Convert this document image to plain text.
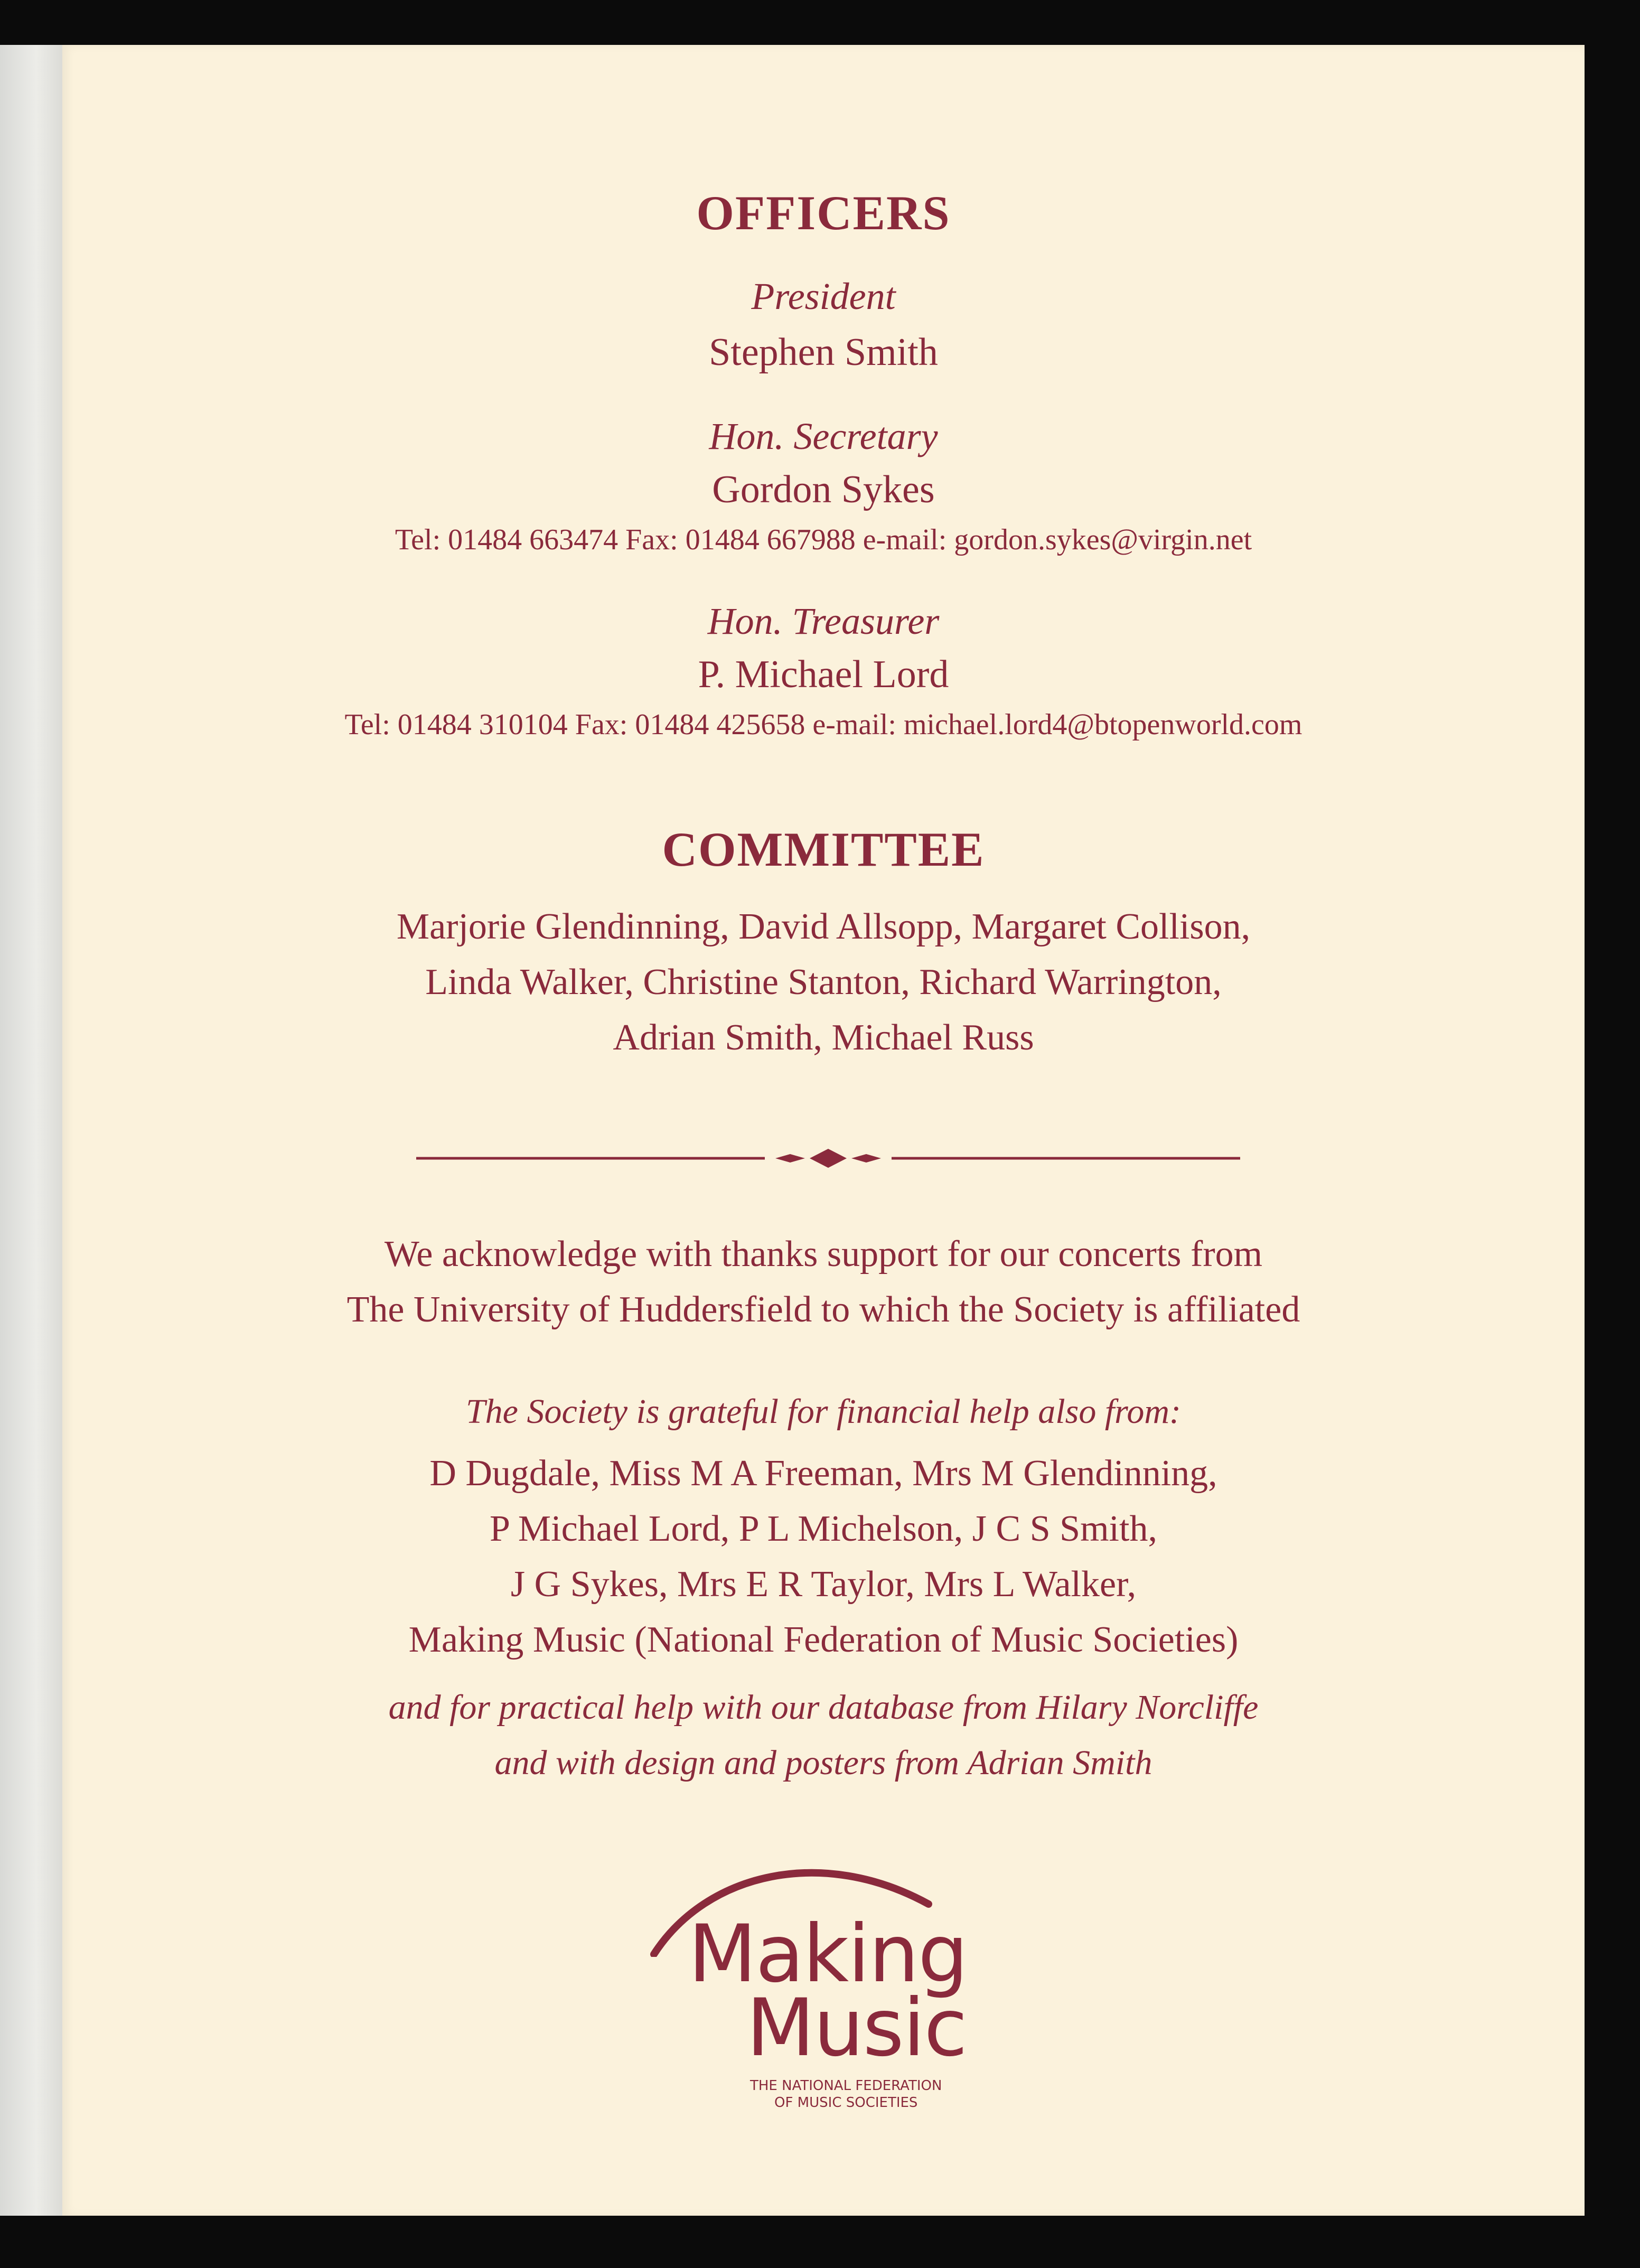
OFFICERS
President
Stephen Smith
Hon. Secretary
Gordon Sykes
Tel: 01484 663474 Fax: 01484 667988 e-mail: gordon.sykes@virgin.net
Hon. Treasurer
P. Michael Lord
Tel: 01484 310104 Fax: 01484 425658 e-mail: michael.lord4@btopenworld.com
COMMITTEE
Marjorie Glendinning, David Allsopp, Margaret Collison,
Linda Walker, Christine Stanton, Richard Warrington,
Adrian Smith, Michael Russ
We acknowledge with thanks support for our concerts from
The University of Huddersfield to which the Society is affiliated
The Society is grateful for financial help also from:
D Dugdale, Miss M A Freeman, Mrs M Glendinning,
P Michael Lord, P L Michelson, J C S Smith,
J G Sykes, Mrs E R Taylor, Mrs L Walker,
Making Music (National Federation of Music Societies)
and for practical help with our database from Hilary Norcliffe
and with design and posters from Adrian Smith
Making
Music
THE NATIONAL FEDERATION
OF MUSIC SOCIETIES
